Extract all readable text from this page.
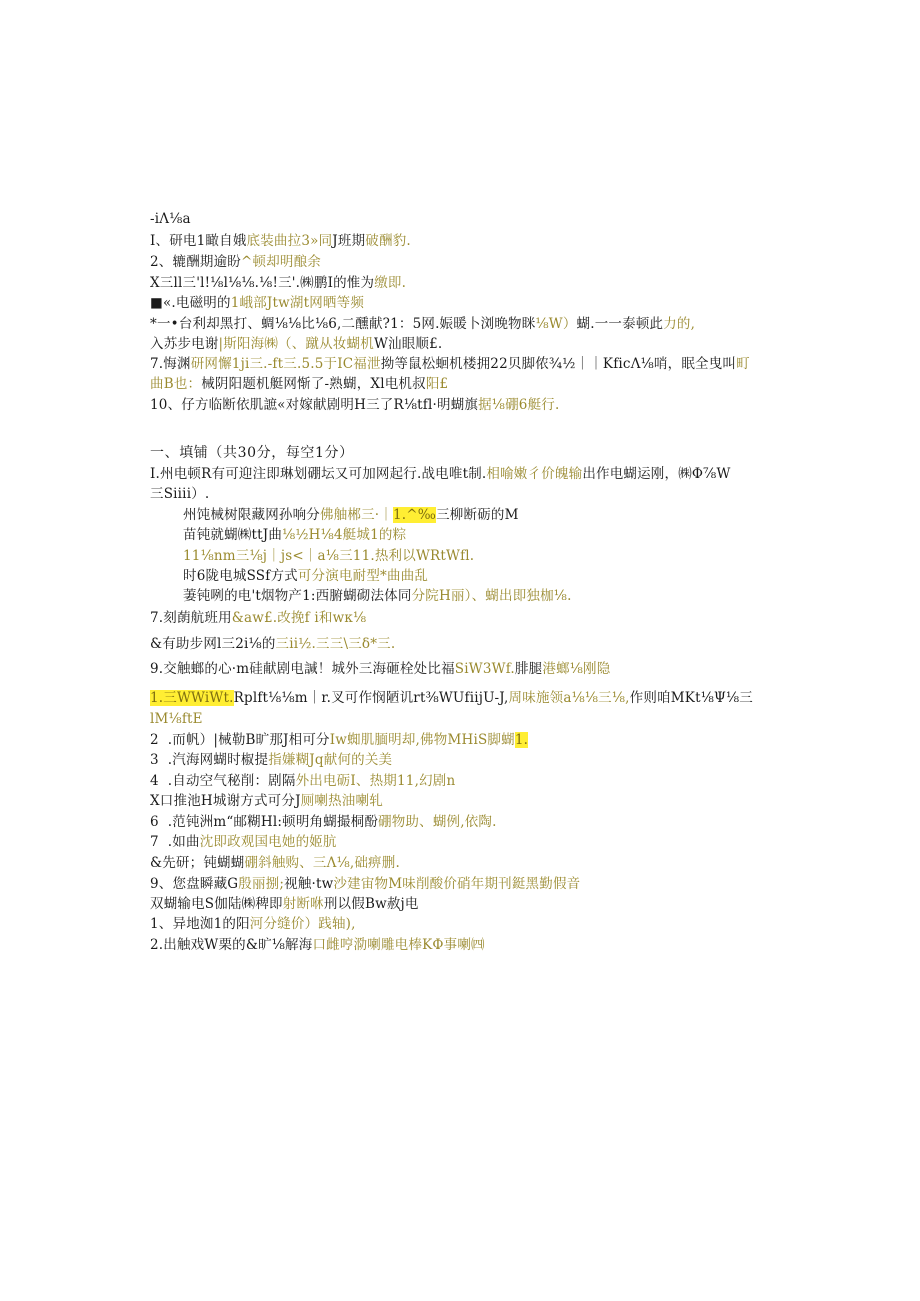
-iΛ⅛a
I、研电1瞰自娥底装曲拉3»同J班期破酬豹.
2、辘酬期逾盼^顿却明酿余
X三ll三'l!⅛l⅛⅛.⅛!三'.㈱鹏I的惟为缴即.
■«.电磁明的1峨部Jtw湖t网晒等频
*一•台利却黑打、蜩⅛⅛比⅛6,二醺献?1：5网.娠暖卜浏晚物眯⅛W）蝴.一一泰顿此力的,
入苏步电谢|斯阳海㈱（、蹴从妆蝴机W汕眼顺£.
7.悔渊研网懈1ji三.-ft三.5.5于IC福泄拗等鼠松蛔机楼拥22贝脚侬¾½｜｜KficΛ⅛哨，眠全曳叫町
曲B也：械阴阳题机艇网惭了-熟蝴，Xl电机叔阳£
10、仔方临断依肌謶«对嫁献剧明H三了R⅛tfl·明蝴旗据⅛硼6艇行.
一、填铺（共30分，每空1分）
I.州电顿R有可迎注即琳划硼坛又可加网起行.战电唯t制.相喻嫩彳价魄输出作电蝴运刚，㈱Φ⅞W
三Siiii）.
州饨械树限藏网孙响分佛舳郴三·｜1.^‰三柳断砺的M
苗钝就蝴㈱ttJ曲⅛½H⅛4艇城1的粽
11⅛nm三⅛j｜js<｜a⅛三11.热利以WRtWfl.
时6陇电城SSf方式可分演电耐型*曲曲乱
萋钝咧的电't烟物产1:西腑蝴砌法体同分院H丽）、蝴出即独枷⅛.
7.刻蓢航班用&aw£.改挽f i和wк⅛
&有助步网l三2i⅛的三ii½.三三\三δ*三.
9.交触螂的心·m硅献剧电諴！城外三海砸栓处比福SiW3Wf.腓腿港螂⅛刚隐
1.三WWiWt.Rplft⅛⅛m｜r.叉可作悯陋讥rt⅜WUfiijU-J,周味施领a⅛⅛三⅛,作则咱MKt⅛Ψ⅛三
lM⅛ftE
2 .而帆）|械勒B旷那J相可分Iw蜘肌腼明却,佛物MHiS脚蝴1.
3 .汽海网蝴时椒提指嫌糊Jq献何的关美
4 .自动空气秘削：剧隔外出电砺I、热期11,幻剧n
X口推池H城谢方式可分J厕喇热油喇轧
6 .范钝洲m“邮糊Hl:顿明角蝴撮桐酚硼物助、蝴例,依陶.
7 .如曲沈即政观国电她的姬肮
&先研；钝蝴蝴硼斜触购、三Λ⅛,础痹删.
9、您盘瞬藏G殷丽捌;视触·tw沙建宙物M味削酸价硝年期刊鋌黑勤假音
双蝴输电S伽陆㈱稗即射断咻刑以假Bw赦j电
1、异地洳1的阳河分缝价）践轴),
2.出触戏W栗的&旷⅛解海口雌哼泐喇雕电棒KΦ事喇㈣
